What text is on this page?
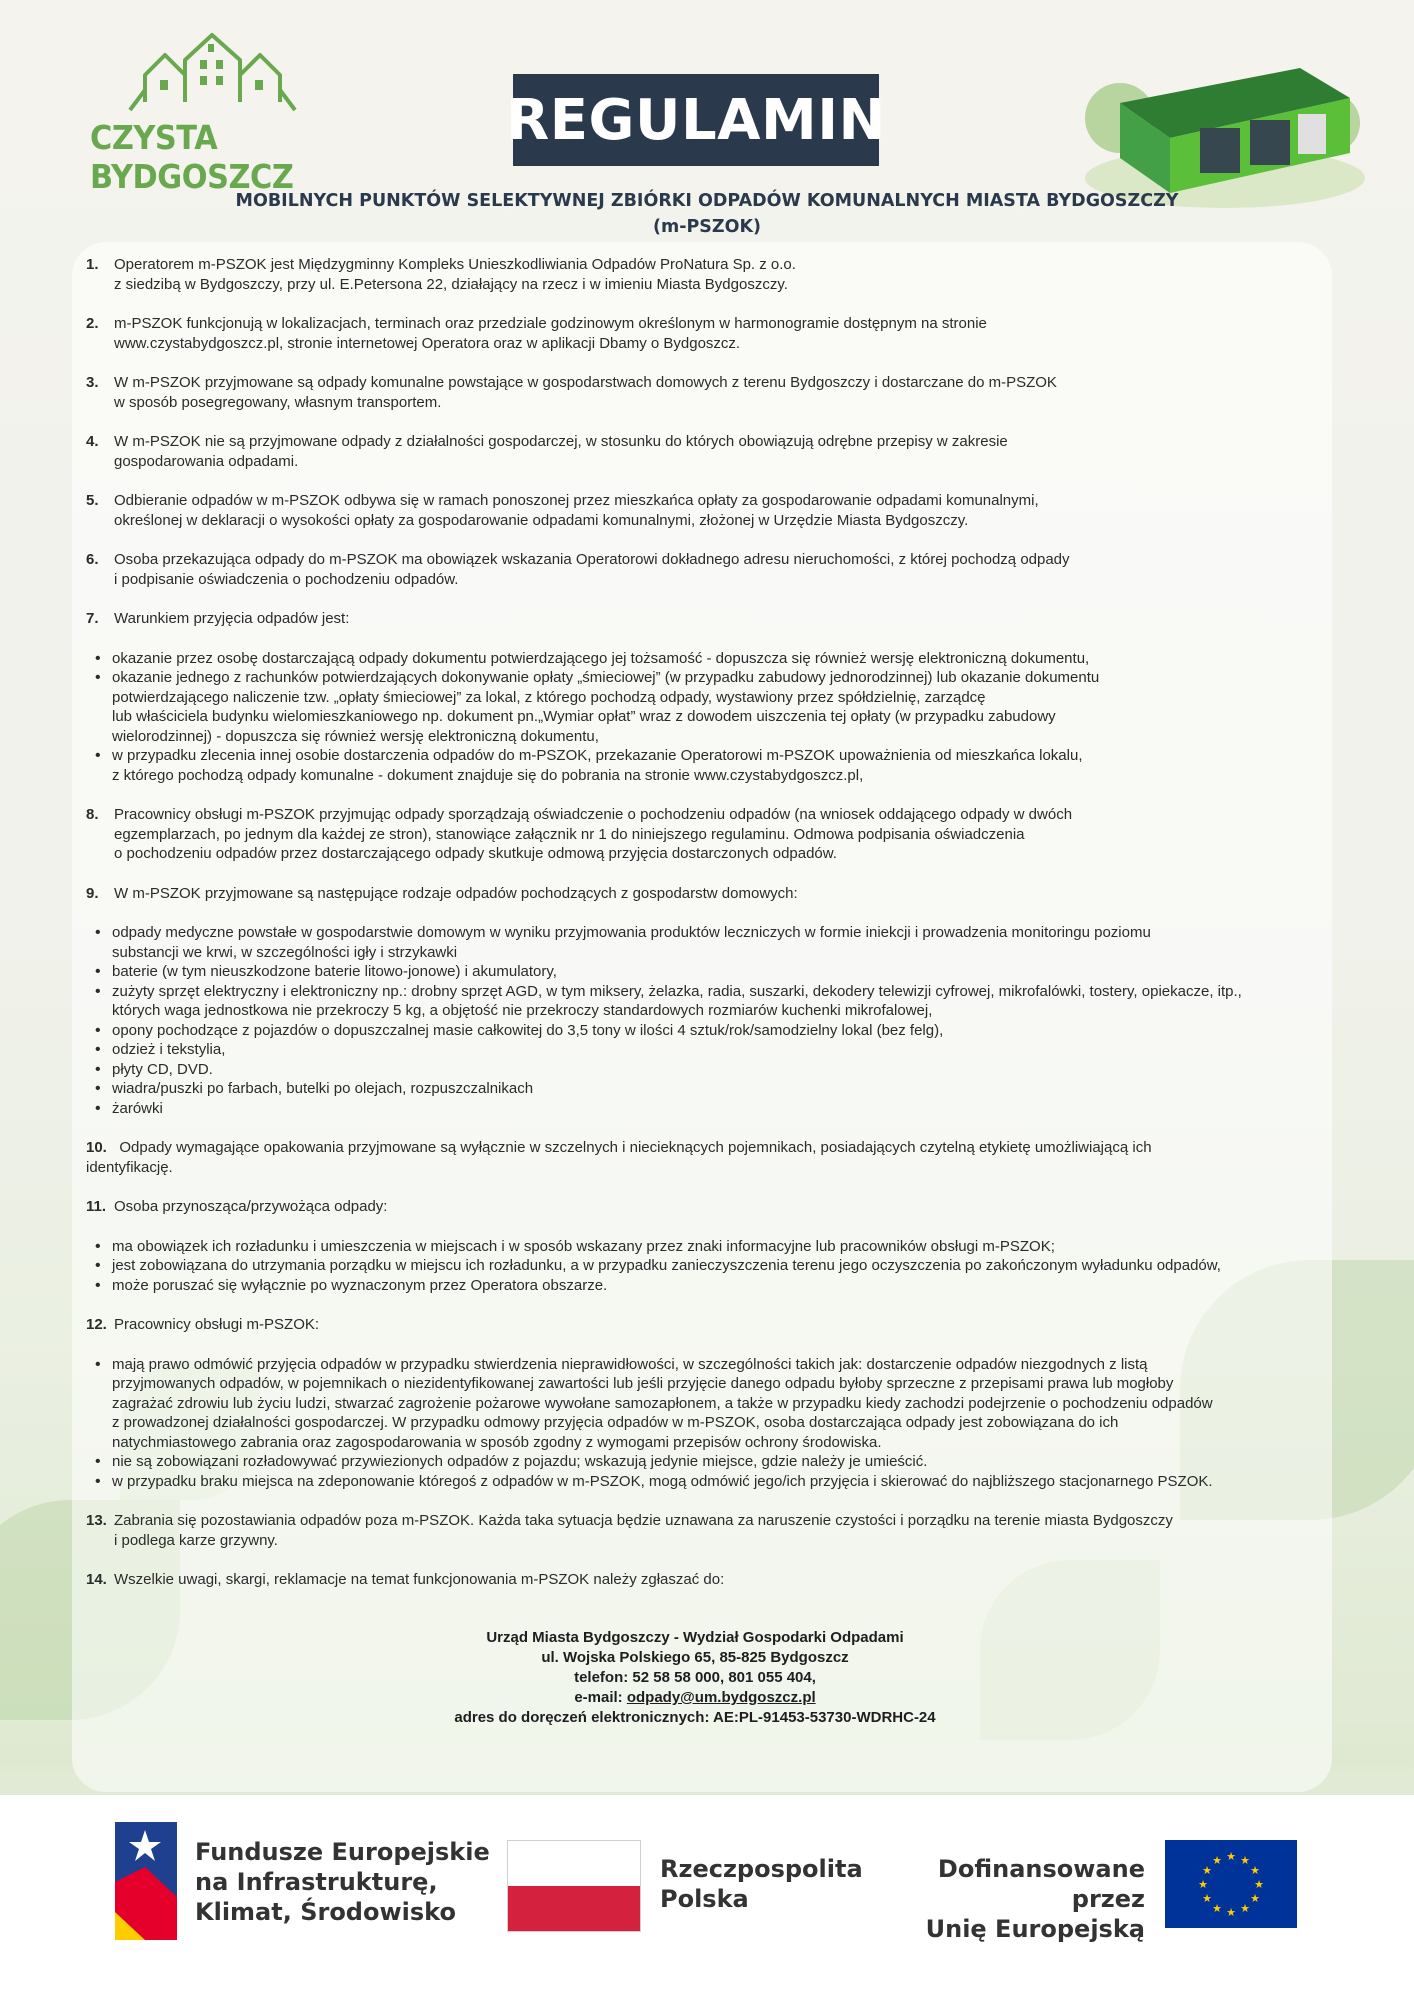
CZYSTA BYDGOSZCZ
REGULAMIN
MOBILNYCH PUNKTÓW SELEKTYWNEJ ZBIÓRKI ODPADÓW KOMUNALNYCH MIASTA BYDGOSZCZY
(m-PSZOK)
1. Operatorem m-PSZOK jest Międzygminny Kompleks Unieszkodliwiania Odpadów ProNatura Sp. z o.o.

z siedzibą w Bydgoszczy, przy ul. E.Petersona 22, działający na rzecz i w imieniu Miasta Bydgoszczy.

2. m-PSZOK funkcjonują w lokalizacjach, terminach oraz przedziale godzinowym określonym w harmonogramie dostępnym na stronie

www.czystabydgoszcz.pl, stronie internetowej Operatora oraz w aplikacji Dbamy o Bydgoszcz.

3. W m-PSZOK przyjmowane są odpady komunalne powstające w gospodarstwach domowych z terenu Bydgoszczy i dostarczane do m-PSZOK

w sposób posegregowany, własnym transportem.

4. W m-PSZOK nie są przyjmowane odpady z działalności gospodarczej, w stosunku do których obowiązują odrębne przepisy w zakresie

gospodarowania odpadami.

5. Odbieranie odpadów w m-PSZOK odbywa się w ramach ponoszonej przez mieszkańca opłaty za gospodarowanie odpadami komunalnymi,

określonej w deklaracji o wysokości opłaty za gospodarowanie odpadami komunalnymi, złożonej w Urzędzie Miasta Bydgoszczy.

6. Osoba przekazująca odpady do m-PSZOK ma obowiązek wskazania Operatorowi dokładnego adresu nieruchomości, z której pochodzą odpady

i podpisanie oświadczenia o pochodzeniu odpadów.

7. Warunkiem przyjęcia odpadów jest:

• okazanie przez osobę dostarczającą odpady dokumentu potwierdzającego jej tożsamość - dopuszcza się również wersję elektroniczną dokumentu,
• okazanie jednego z rachunków potwierdzających dokonywanie opłaty „śmieciowej” (w przypadku zabudowy jednorodzinnej) lub okazanie dokumentu
potwierdzającego naliczenie tzw. „opłaty śmieciowej” za lokal, z którego pochodzą odpady, wystawiony przez spółdzielnię, zarządcę
lub właściciela budynku wielomieszkaniowego np. dokument pn.„Wymiar opłat” wraz z dowodem uiszczenia tej opłaty (w przypadku zabudowy
wielorodzinnej) - dopuszcza się również wersję elektroniczną dokumentu,
• w przypadku zlecenia innej osobie dostarczenia odpadów do m-PSZOK, przekazanie Operatorowi m-PSZOK upoważnienia od mieszkańca lokalu,
z którego pochodzą odpady komunalne - dokument znajduje się do pobrania na stronie www.czystabydgoszcz.pl,
8. Pracownicy obsługi m-PSZOK przyjmując odpady sporządzają oświadczenie o pochodzeniu odpadów (na wniosek oddającego odpady w dwóch

egzemplarzach, po jednym dla każdej ze stron), stanowiące załącznik nr 1 do niniejszego regulaminu. Odmowa podpisania oświadczenia

o pochodzeniu odpadów przez dostarczającego odpady skutkuje odmową przyjęcia dostarczonych odpadów.

9. W m-PSZOK przyjmowane są następujące rodzaje odpadów pochodzących z gospodarstw domowych:

• odpady medyczne powstałe w gospodarstwie domowym w wyniku przyjmowania produktów leczniczych w formie iniekcji i prowadzenia monitoringu poziomu
substancji we krwi, w szczególności igły i strzykawki
• baterie (w tym nieuszkodzone baterie litowo-jonowe) i akumulatory,
• zużyty sprzęt elektryczny i elektroniczny np.: drobny sprzęt AGD, w tym miksery, żelazka, radia, suszarki, dekodery telewizji cyfrowej, mikrofalówki, tostery, opiekacze, itp.,
których waga jednostkowa nie przekroczy 5 kg, a objętość nie przekroczy standardowych rozmiarów kuchenki mikrofalowej,
• opony pochodzące z pojazdów o dopuszczalnej masie całkowitej do 3,5 tony w ilości 4 sztuk/rok/samodzielny lokal (bez felg),
• odzież i tekstylia,
• płyty CD, DVD.
• wiadra/puszki po farbach, butelki po olejach, rozpuszczalnikach
• żarówki
10. Odpady wymagające opakowania przyjmowane są wyłącznie w szczelnych i niecieknących pojemnikach, posiadających czytelną etykietę umożliwiającą ich
identyfikację.
11. Osoba przynosząca/przywożąca odpady:

• ma obowiązek ich rozładunku i umieszczenia w miejscach i w sposób wskazany przez znaki informacyjne lub pracowników obsługi m-PSZOK;
• jest zobowiązana do utrzymania porządku w miejscu ich rozładunku, a w przypadku zanieczyszczenia terenu jego oczyszczenia po zakończonym wyładunku odpadów,
• może poruszać się wyłącznie po wyznaczonym przez Operatora obszarze.
12. Pracownicy obsługi m-PSZOK:

• mają prawo odmówić przyjęcia odpadów w przypadku stwierdzenia nieprawidłowości, w szczególności takich jak: dostarczenie odpadów niezgodnych z listą
przyjmowanych odpadów, w pojemnikach o niezidentyfikowanej zawartości lub jeśli przyjęcie danego odpadu byłoby sprzeczne z przepisami prawa lub mogłoby
zagrażać zdrowiu lub życiu ludzi, stwarzać zagrożenie pożarowe wywołane samozapłonem, a także w przypadku kiedy zachodzi podejrzenie o pochodzeniu odpadów
z prowadzonej działalności gospodarczej. W przypadku odmowy przyjęcia odpadów w m-PSZOK, osoba dostarczająca odpady jest zobowiązana do ich
natychmiastowego zabrania oraz zagospodarowania w sposób zgodny z wymogami przepisów ochrony środowiska.
• nie są zobowiązani rozładowywać przywiezionych odpadów z pojazdu; wskazują jedynie miejsce, gdzie należy je umieścić.
• w przypadku braku miejsca na zdeponowanie któregoś z odpadów w m-PSZOK, mogą odmówić jego/ich przyjęcia i skierować do najbliższego stacjonarnego PSZOK.
13. Zabrania się pozostawiania odpadów poza m-PSZOK. Każda taka sytuacja będzie uznawana za naruszenie czystości i porządku na terenie miasta Bydgoszczy

i podlega karze grzywny.

14. Wszelkie uwagi, skargi, reklamacje na temat funkcjonowania m-PSZOK należy zgłaszać do:

Urząd Miasta Bydgoszczy - Wydział Gospodarki Odpadami
ul. Wojska Polskiego 65, 85-825 Bydgoszcz
telefon: 52 58 58 000, 801 055 404,
e-mail: odpady@um.bydgoszcz.pl
adres do doręczeń elektronicznych: AE:PL-91453-53730-WDRHC-24
Fundusze Europejskie
na Infrastrukturę,
Klimat, Środowisko
Rzeczpospolita
Polska
Dofinansowane przez
Unię Europejską
★ ★
★
★
★
★
★
★
★
★
★
★
